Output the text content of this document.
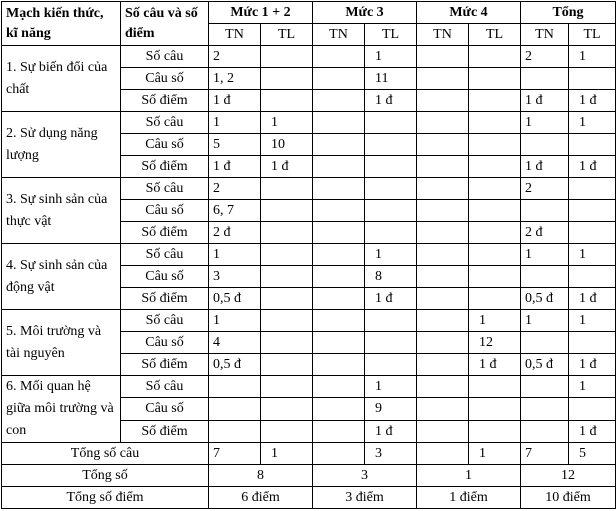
Mạch kiến thức, kĩ năng	Số câu và số điểm	Mức 1 + 2		Mức 3		Mức 4		Tổng	
		TN	TL	TN	TL	TN	TL	TN	TL
1. Sự biến đổi của chất	Số câu	2			1			2	1
	Câu số	1, 2			11				
	Số điểm	1 đ			1 đ			1 đ	1 đ
2. Sử dụng năng lượng	Số câu	1	1					1	1
	Câu số	5	10						
	Số điểm	1 đ	1 đ					1 đ	1 đ
3. Sự sinh sản của thực vật	Số câu	2						2	
	Câu số	6, 7							
	Số điểm	2 đ						2 đ	
4. Sự sinh sản của động vật	Số câu	1			1			1	1
	Câu số	3			8				
	Số điểm	0,5 đ			1 đ			0,5 đ	1 đ
5. Môi trường và tài nguyên	Số câu	1					1	1	1
	Câu số	4					12		
	Số điểm	0,5 đ					1 đ	0,5 đ	1 đ
6. Mối quan hệ giữa môi trường và con	Số câu				1				1
	Câu số				9				
	Số điểm				1 đ				1 đ
Tổng số câu		7	1		3		1	7	5
Tổng số		8		3		1		12	
Tổng số điểm		6 điểm		3 điểm		1 điểm		10 điểm	
